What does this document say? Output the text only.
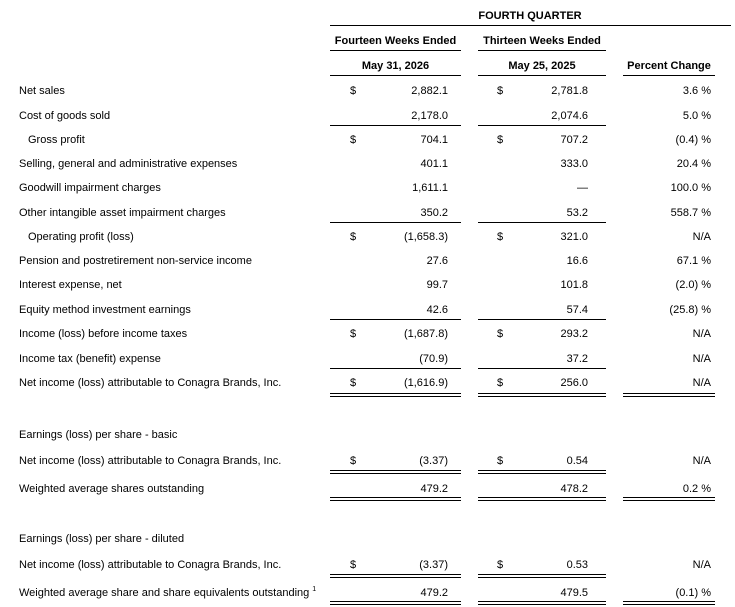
FOURTH QUARTER
Fourteen Weeks Ended	Thirteen Weeks Ended
May 31, 2026	May 25, 2025	Percent Change
Net sales	$	2,882.1	$	2,781.8	3.6 %
Cost of goods sold	2,178.0	2,074.6	5.0 %
Gross profit	$	704.1	$	707.2	(0.4) %
Selling, general and administrative expenses	401.1	333.0	20.4 %
Goodwill impairment charges	1,611.1	—	100.0 %
Other intangible asset impairment charges	350.2	53.2	558.7 %
Operating profit (loss)	$	(1,658.3)	$	321.0	N/A
Pension and postretirement non-service income	27.6	16.6	67.1 %
Interest expense, net	99.7	101.8	(2.0) %
Equity method investment earnings	42.6	57.4	(25.8) %
Income (loss) before income taxes	$	(1,687.8)	$	293.2	N/A
Income tax (benefit) expense	(70.9)	37.2	N/A
Net income (loss) attributable to Conagra Brands, Inc.	$	(1,616.9)	$	256.0	N/A
Earnings (loss) per share - basic
Net income (loss) attributable to Conagra Brands, Inc.	$	(3.37)	$	0.54	N/A
Weighted average shares outstanding	479.2	478.2	0.2 %
Earnings (loss) per share - diluted
Net income (loss) attributable to Conagra Brands, Inc.	$	(3.37)	$	0.53	N/A
Weighted average share and share equivalents outstanding $^1$	479.2	479.5	(0.1) %
